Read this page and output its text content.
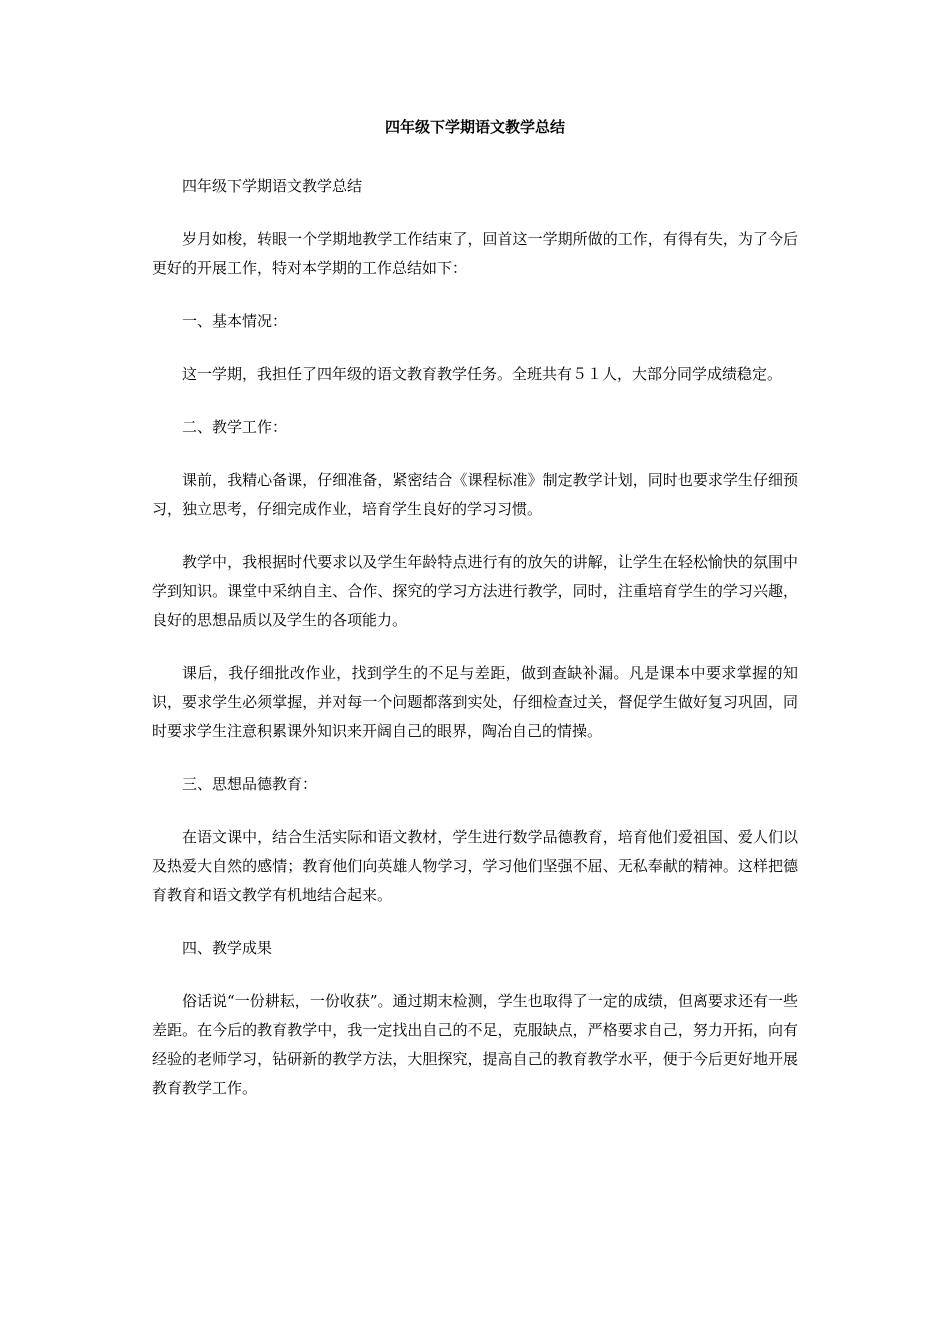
四年级下学期语文教学总结

四年级下学期语文教学总结

岁月如梭，转眼一个学期地教学工作结束了，回首这一学期所做的工作，有得有失，为了今后更好的开展工作，特对本学期的工作总结如下：

一、基本情况：

这一学期，我担任了四年级的语文教育教学任务。全班共有５１人，大部分同学成绩稳定。

二、教学工作：

课前，我精心备课，仔细准备，紧密结合《课程标准》制定教学计划，同时也要求学生仔细预习，独立思考，仔细完成作业，培育学生良好的学习习惯。

教学中，我根据时代要求以及学生年龄特点进行有的放矢的讲解，让学生在轻松愉快的氛围中学到知识。课堂中采纳自主、合作、探究的学习方法进行教学，同时，注重培育学生的学习兴趣，良好的思想品质以及学生的各项能力。

课后，我仔细批改作业，找到学生的不足与差距，做到查缺补漏。凡是课本中要求掌握的知识，要求学生必须掌握，并对每一个问题都落到实处，仔细检查过关，督促学生做好复习巩固，同时要求学生注意积累课外知识来开阔自己的眼界，陶冶自己的情操。

三、思想品德教育：

在语文课中，结合生活实际和语文教材，学生进行数学品德教育，培育他们爱祖国、爱人们以及热爱大自然的感情；教育他们向英雄人物学习，学习他们坚强不屈、无私奉献的精神。这样把德育教育和语文教学有机地结合起来。

四、教学成果

俗话说“一份耕耘，一份收获”。通过期末检测，学生也取得了一定的成绩，但离要求还有一些差距。在今后的教育教学中，我一定找出自己的不足，克服缺点，严格要求自己，努力开拓，向有经验的老师学习，钻研新的教学方法，大胆探究，提高自己的教育教学水平，便于今后更好地开展教育教学工作。
